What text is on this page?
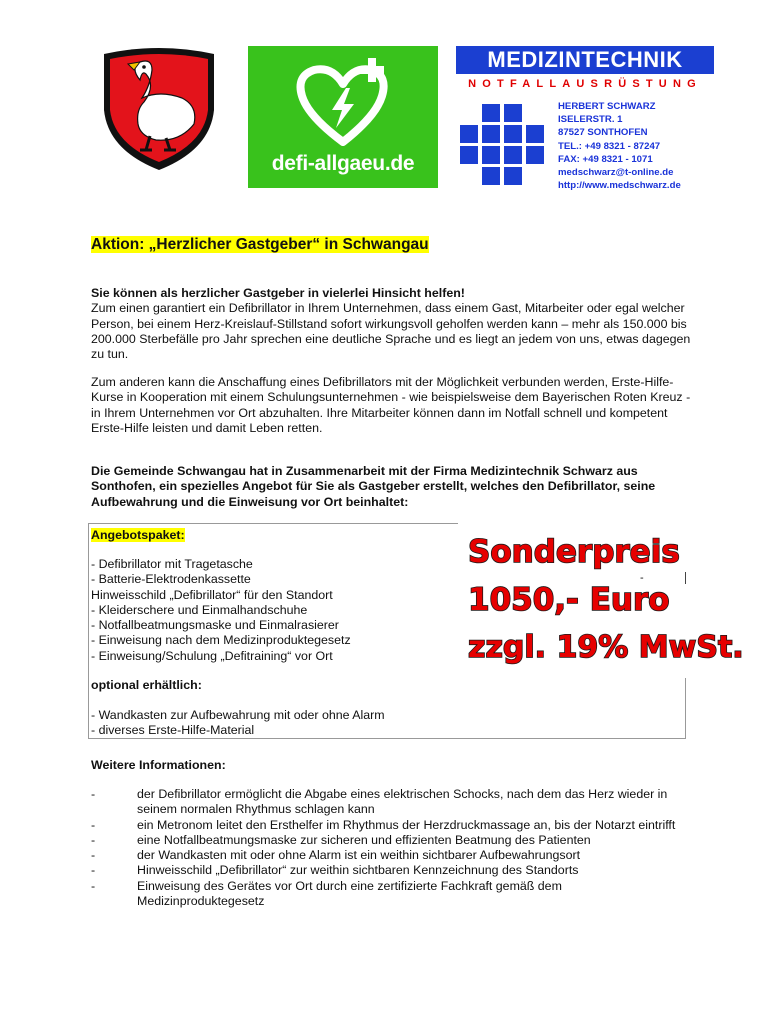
defi-allgaeu.de
MEDIZINTECHNIK
NOTFALLAUSRÜSTUNG
HERBERT SCHWARZ
ISELERSTR. 1
87527 SONTHOFEN
TEL.: +49 8321 - 87247
FAX: +49 8321 - 1071
medschwarz@t-online.de
http://www.medschwarz.de
Aktion: „Herzlicher Gastgeber“ in Schwangau
Sie können als herzlicher Gastgeber in vielerlei Hinsicht helfen!
Zum einen garantiert ein Defibrillator in Ihrem Unternehmen, dass einem Gast, Mitarbeiter oder egal welcher Person, bei einem Herz-Kreislauf-Stillstand sofort wirkungsvoll geholfen werden kann – mehr als 150.000 bis 200.000 Sterbefälle pro Jahr sprechen eine deutliche Sprache und es liegt an jedem von uns, etwas dagegen zu tun.
Zum anderen kann die Anschaffung eines Defibrillators mit der Möglichkeit verbunden werden, Erste-Hilfe-Kurse in Kooperation mit einem Schulungsunternehmen - wie beispielsweise dem Bayerischen Roten Kreuz - in Ihrem Unternehmen vor Ort abzuhalten. Ihre Mitarbeiter können dann im Notfall schnell und kompetent Erste-Hilfe leisten und damit Leben retten.
Die Gemeinde Schwangau hat in Zusammenarbeit mit der Firma Medizintechnik Schwarz aus Sonthofen, ein spezielles Angebot für Sie als Gastgeber erstellt, welches den Defibrillator, seine Aufbewahrung und die Einweisung vor Ort beinhaltet:
-
Angebotspaket:
- Defibrillator mit Tragetasche
- Batterie-Elektrodenkassette
Hinweisschild „Defibrillator“ für den Standort
- Kleiderschere und Einmalhandschuhe
- Notfallbeatmungsmaske und Einmalrasierer
- Einweisung nach dem Medizinproduktegesetz
- Einweisung/Schulung „Defitraining“ vor Ort
Sonderpreis
1050,- Euro
zzgl. 19% MwSt.
optional erhältlich:
- Wandkasten zur Aufbewahrung mit oder ohne Alarm
- diverses Erste-Hilfe-Material
Weitere Informationen:
-	der Defibrillator ermöglicht die Abgabe eines elektrischen Schocks, nach dem das Herz wieder in seinem normalen Rhythmus schlagen kann
-	ein Metronom leitet den Ersthelfer im Rhythmus der Herzdruckmassage an, bis der Notarzt eintrifft
-	eine Notfallbeatmungsmaske zur sicheren und effizienten Beatmung des Patienten
-	der Wandkasten mit oder ohne Alarm ist ein weithin sichtbarer Aufbewahrungsort
-	Hinweisschild „Defibrillator“ zur weithin sichtbaren Kennzeichnung des Standorts
-	Einweisung des Gerätes vor Ort durch eine zertifizierte Fachkraft gemäß dem Medizinproduktegesetz
